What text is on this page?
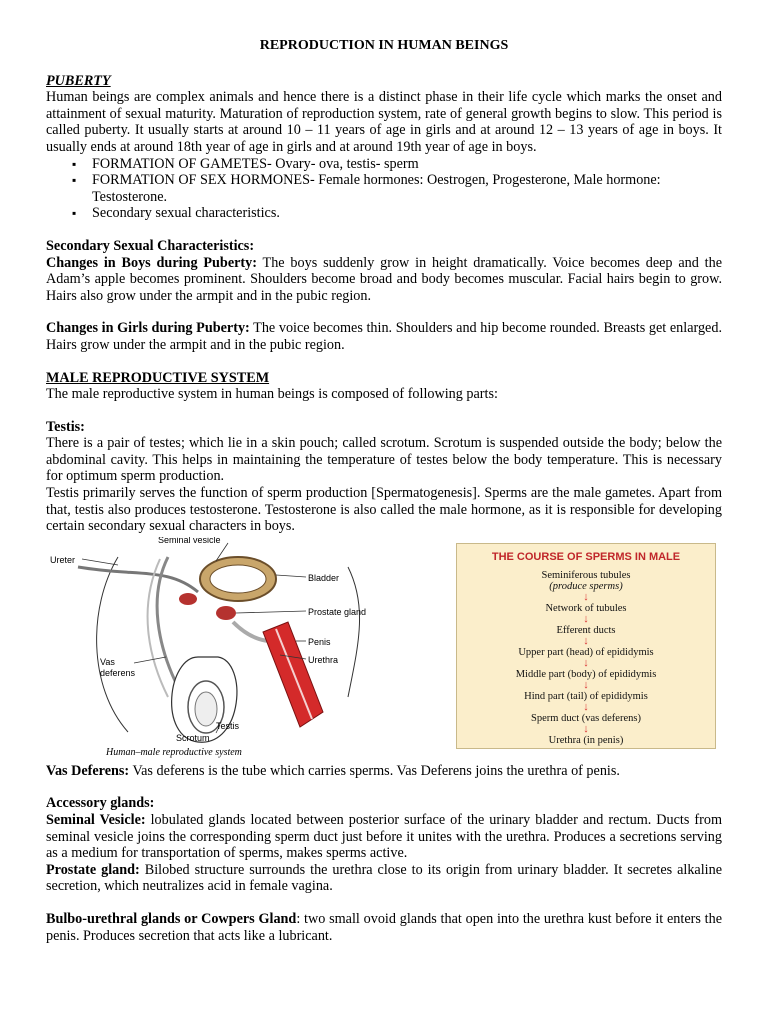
REPRODUCTION IN HUMAN BEINGS
PUBERTY

Human beings are complex animals and hence there is a distinct phase in their life cycle which marks the onset and attainment of sexual maturity. Maturation of reproduction system, rate of general growth begins to slow. This period is called puberty. It usually starts at around 10 – 11 years of age in girls and at around 12 – 13 years of age in boys. It usually ends at around 18th year of age in girls and at around 19th year of age in boys.

▪ FORMATION OF GAMETES- Ovary- ova, testis- sperm
▪ FORMATION OF SEX HORMONES- Female hormones: Oestrogen, Progesterone, Male hormone: Testosterone.
▪ Secondary sexual characteristics.
Secondary Sexual Characteristics:

Changes in Boys during Puberty: The boys suddenly grow in height dramatically. Voice becomes deep and the Adam’s apple becomes prominent. Shoulders become broad and body becomes muscular. Facial hairs begin to grow. Hairs also grow under the armpit and in the pubic region.

Changes in Girls during Puberty: The voice becomes thin. Shoulders and hip become rounded. Breasts get enlarged. Hairs grow under the armpit and in the pubic region.

MALE REPRODUCTIVE SYSTEM

The male reproductive system in human beings is composed of following parts:

Testis:

There is a pair of testes; which lie in a skin pouch; called scrotum. Scrotum is suspended outside the body; below the abdominal cavity. This helps in maintaining the temperature of testes below the body temperature. This is necessary for optimum sperm production.

Testis primarily serves the function of sperm production [Spermatogenesis]. Sperms are the male gametes. Apart from that, testis also produces testosterone. Testosterone is also called the male hormone, as it is responsible for developing certain secondary sexual characters in boys.

Seminal vesicle
Ureter
Bladder
Prostate gland
Penis
Urethra
Vas
deferens
Testis
Scrotum
Human–male reproductive system
THE COURSE OF SPERMS IN MALE
Seminiferous tubules
(produce sperms)
↓
Network of tubules
↓
Efferent ducts
↓
Upper part (head) of epididymis
↓
Middle part (body) of epididymis
↓
Hind part (tail) of epididymis
↓
Sperm duct (vas deferens)
↓
Urethra (in penis)

Vas Deferens: Vas deferens is the tube which carries sperms. Vas Deferens joins the urethra of penis.

Accessory glands:

Seminal Vesicle: lobulated glands located between posterior surface of the urinary bladder and rectum. Ducts from seminal vesicle joins the corresponding sperm duct just before it unites with the urethra. Produces a secretions serving as a medium for transportation of sperms, makes sperms active.

Prostate gland: Bilobed structure surrounds the urethra close to its origin from urinary bladder. It secretes alkaline secretion, which neutralizes acid in female vagina.

Bulbo-urethral glands or Cowpers Gland: two small ovoid glands that open into the urethra kust before it enters the penis. Produces secretion that acts like a lubricant.
